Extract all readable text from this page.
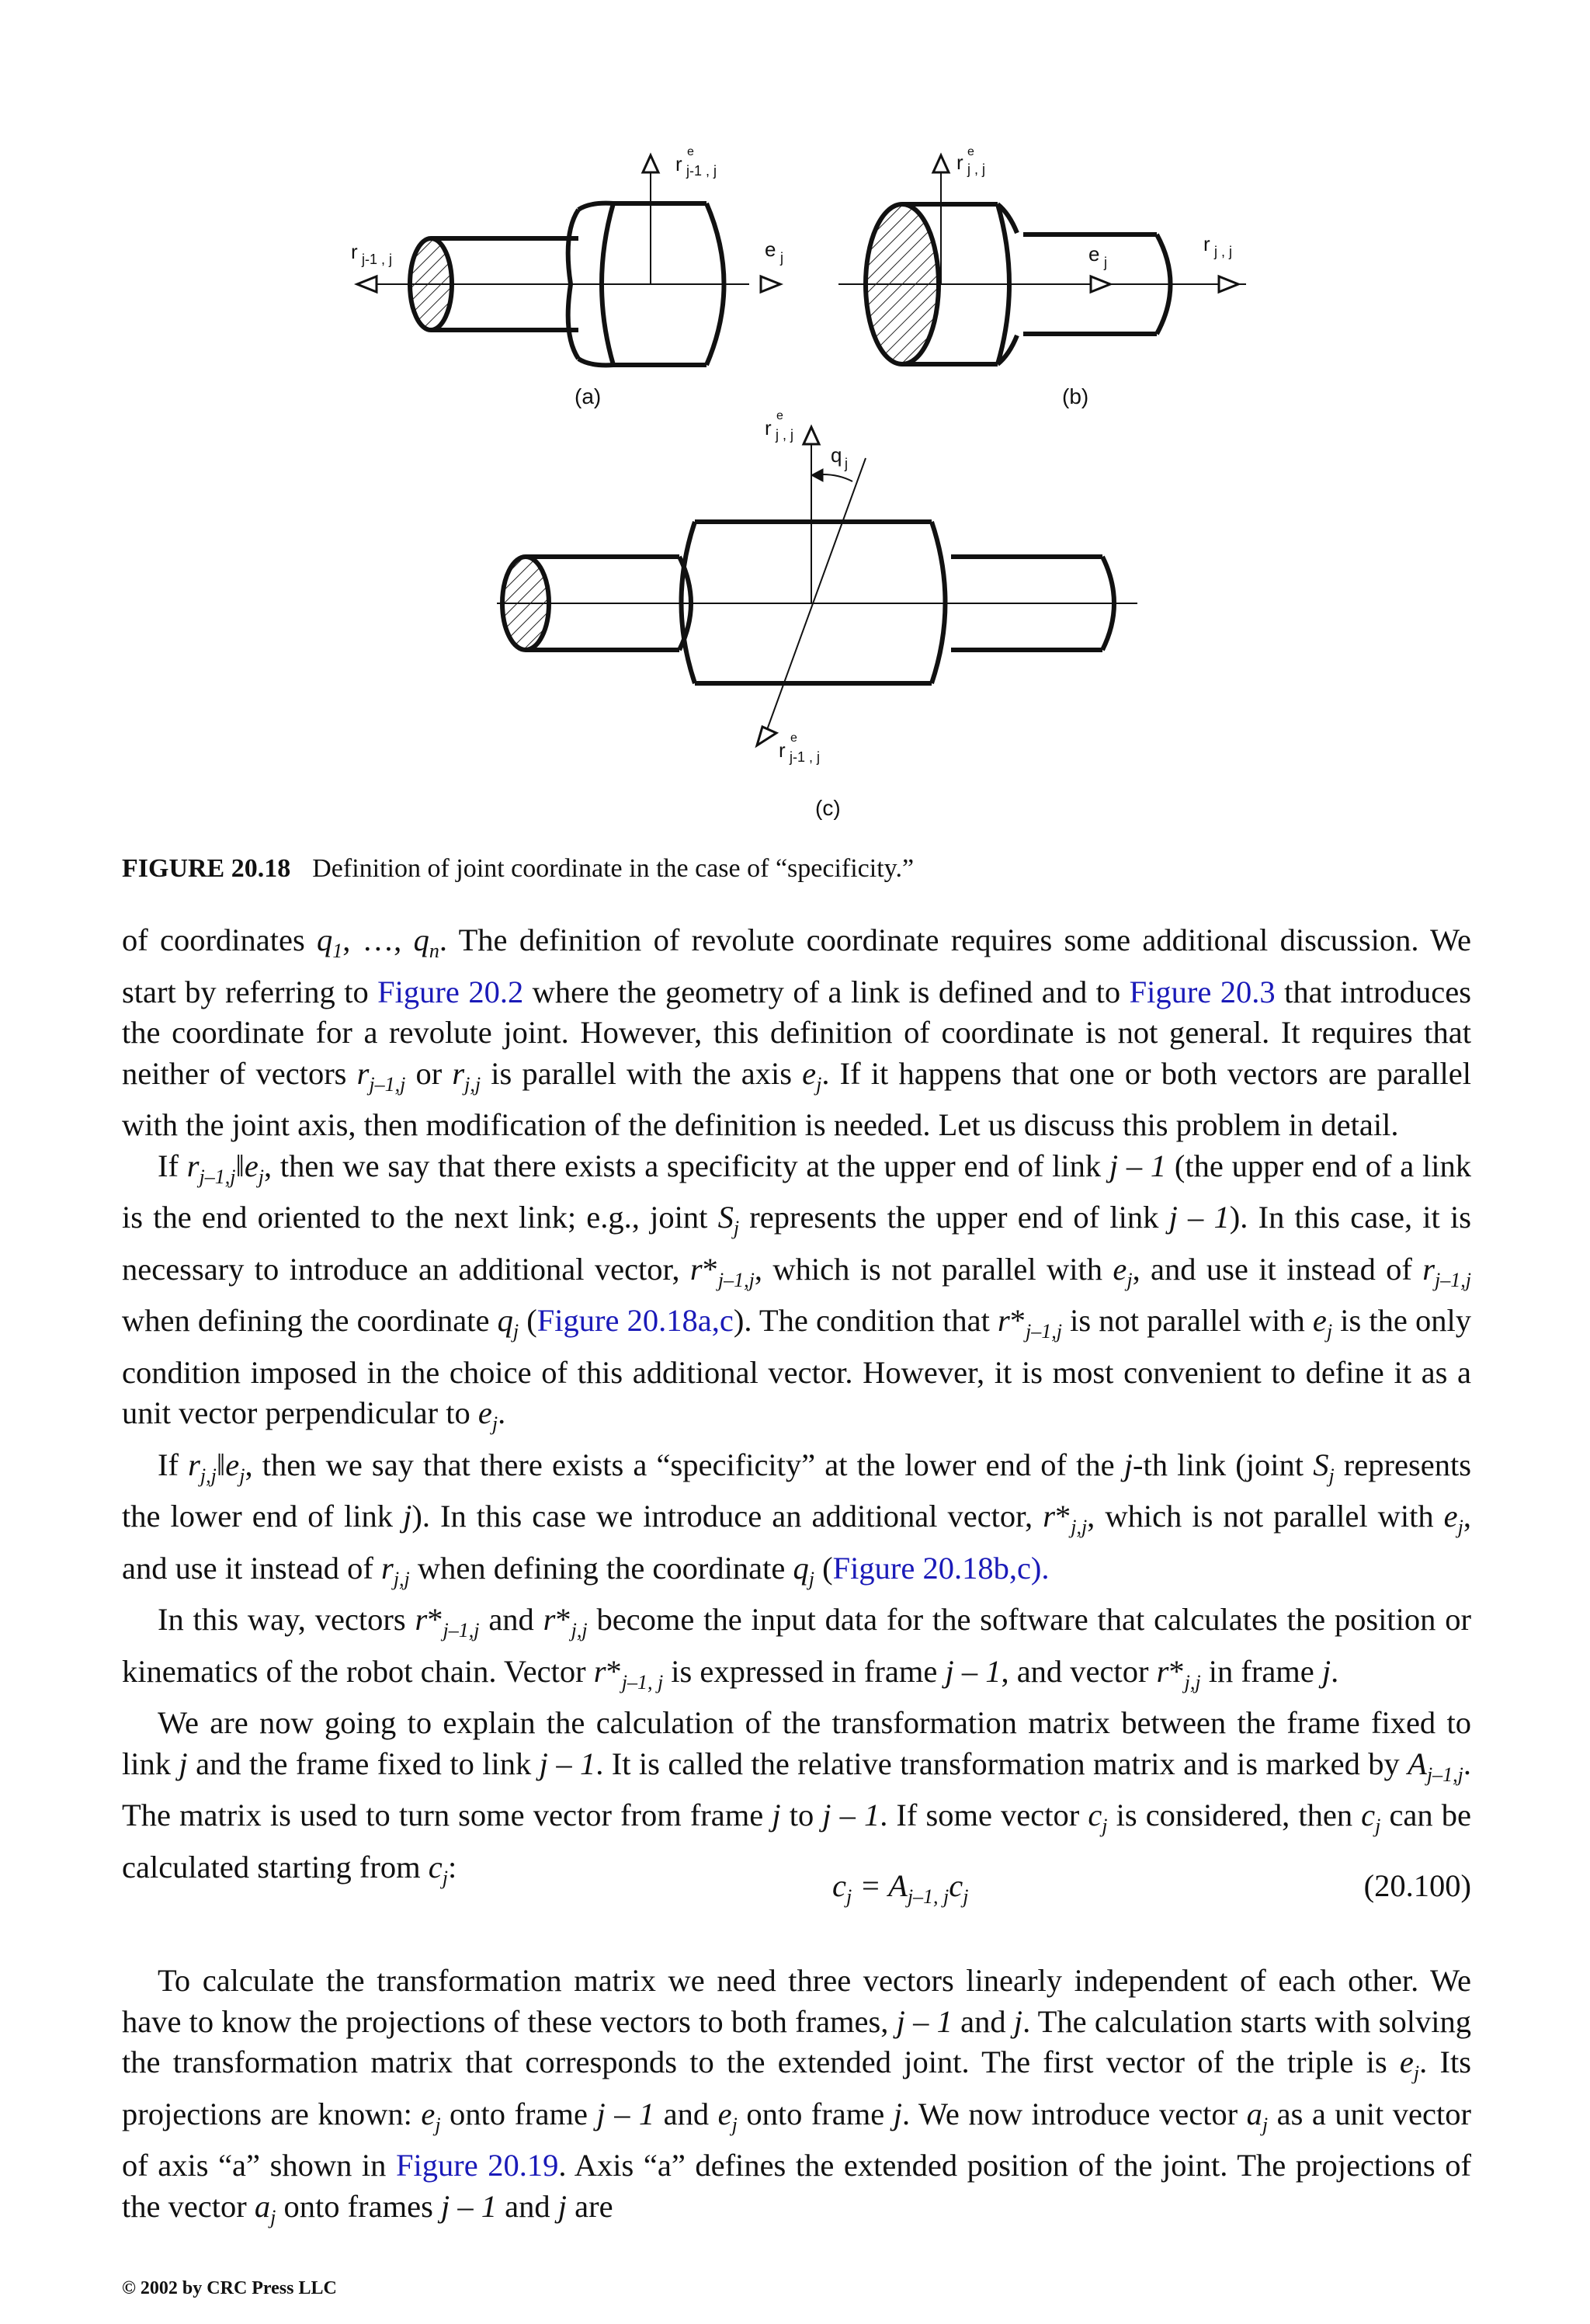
r j-1 , j
r
e
j-1 , j
e j
(a)
r e
j , j
e j
r j , j
(b)
r
e
j , j
q j
r
e
j-1 , j
(c)
FIGURE 20.18 Definition of joint coordinate in the case of “specificity.”

of coordinates $q_1$, …, $q_n$. The definition of revolute coordinate requires some additional discussion. We start by referring to Figure 20.2 where the geometry of a link is defined and to Figure 20.3 that introduces the coordinate for a revolute joint. However, this definition of coordinate is not general. It requires that neither of vectors $r_{j-1,j}$ or $r_{j,j}$ is parallel with the axis $e_j$. If it happens that one or both vectors are parallel with the joint axis, then modification of the definition is needed. Let us discuss this problem in detail.

If $r_{j-1,j}‖e_j$, then we say that there exists a specificity at the upper end of link j – 1 (the upper end of a link is the end oriented to the next link; e.g., joint $S_j$ represents the upper end of link j – 1). In this case, it is necessary to introduce an additional vector, $r*_{j-1,j}$, which is not parallel with $e_j$, and use it instead of $r_{j-1,j}$ when defining the coordinate $q_j$ (Figure 20.18a,c). The condition that $r*_{j-1,j}$ is not parallel with $e_j$ is the only condition imposed in the choice of this additional vector. However, it is most convenient to define it as a unit vector perpendicular to $e_j$.

If $r_{j,j}‖e_j$, then we say that there exists a “specificity” at the lower end of the j-th link (joint $S_j$ represents the lower end of link j). In this case we introduce an additional vector, $r*_{j,j}$, which is not parallel with $e_j$, and use it instead of $r_{j,j}$ when defining the coordinate $q_j$ (Figure 20.18b,c).

In this way, vectors $r*_{j-1,j}$ and $r*_{j,j}$ become the input data for the software that calculates the position or kinematics of the robot chain. Vector $r*_{j-1, j}$ is expressed in frame j – 1, and vector $r*_{j,j}$ in frame j.

We are now going to explain the calculation of the transformation matrix between the frame fixed to link j and the frame fixed to link j – 1. It is called the relative transformation matrix and is marked by $A_{j-1,j}$. The matrix is used to turn some vector from frame j to j – 1. If some vector $c_j$ is considered, then $c_j$ can be calculated starting from $c_j$:

$c_j = A_{j-1, j}c_j$	(20.100)

To calculate the transformation matrix we need three vectors linearly independent of each other. We have to know the projections of these vectors to both frames, j – 1 and j. The calculation starts with solving the transformation matrix that corresponds to the extended joint. The first vector of the triple is $e_j$. Its projections are known: $e_j$ onto frame j – 1 and $e_j$ onto frame j. We now introduce vector $a_j$ as a unit vector of axis “a” shown in Figure 20.19. Axis “a” defines the extended position of the joint. The projections of the vector $a_j$ onto frames j – 1 and j are

© 2002 by CRC Press LLC
